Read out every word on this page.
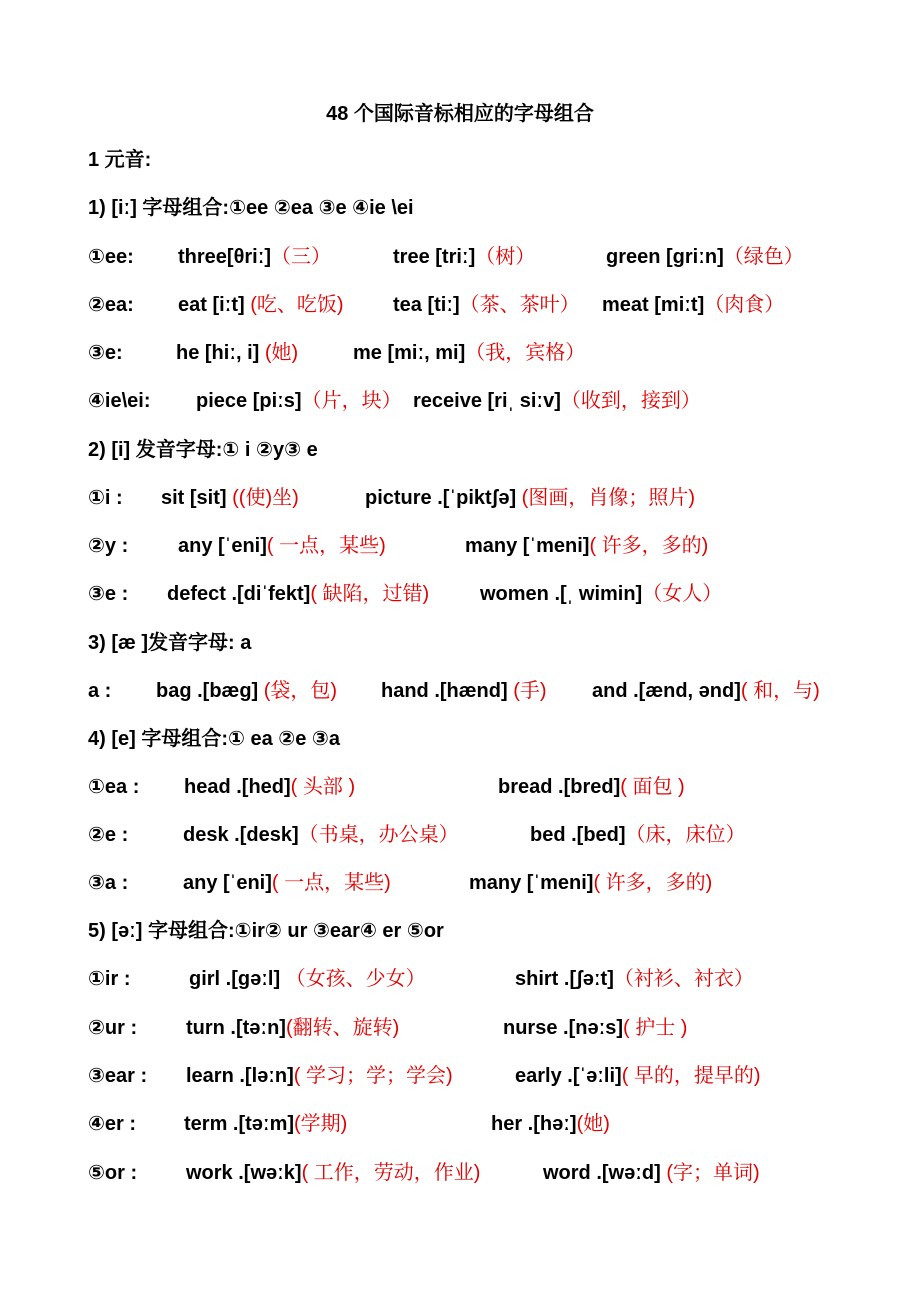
48 个国际音标相应的字母组合
1 元音:
1) [iː] 字母组合:①ee ②ea ③e ④ie \ei
①ee: three[θriː]（三）	tree [triː]（树）	green [griːn]（绿色）
②ea: eat [iːt] (吃、吃饭) tea [tiː]（茶、茶叶） meat [miːt]（肉食）
③e:	he [hiː, i] (她)	me [miː, mi]（我，宾格）
④ie\ei: piece [piːs]（片，块） receive [riˌ siːv]（收到，接到）
2) [i] 发音字母:① i ②y③ e
①i : sit [sit] ((使)坐)	picture .[ˈpiktʃə] (图画，肖像；照片)
②y : any [ˈeni]( 一点，某些)	many [ˈmeni]( 许多，多的)
③e : defect .[diˈfekt]( 缺陷，过错)	women .[ˌ wimin]（女人）
3) [æ ]发音字母: a
a : bag .[bæg] (袋，包) hand .[hænd] (手) and .[ænd, ənd]( 和，与)
4) [e] 字母组合:① ea ②e ③a
①ea : head .[hed]( 头部 )	bread .[bred]( 面包 )
②e :	desk .[desk]（书桌，办公桌）	bed .[bed]（床，床位）
③a :	any [ˈeni]( 一点，某些)	many [ˈmeni]( 许多，多的)
5) [əː] 字母组合:①ir② ur ③ear④ er ⑤or
①ir :	girl .[gəːl] （女孩、少女）	shirt .[ʃəːt]（衬衫、衬衣）
②ur : turn .[təːn](翻转、旋转)	nurse .[nəːs]( 护士 )
③ear : learn .[ləːn]( 学习；学；学会)	early .[ˈəːli]( 早的，提早的)
④er : term .[təːm](学期)	her .[həː](她)
⑤or : work .[wəːk]( 工作，劳动，作业)	word .[wəːd] (字；单词)
